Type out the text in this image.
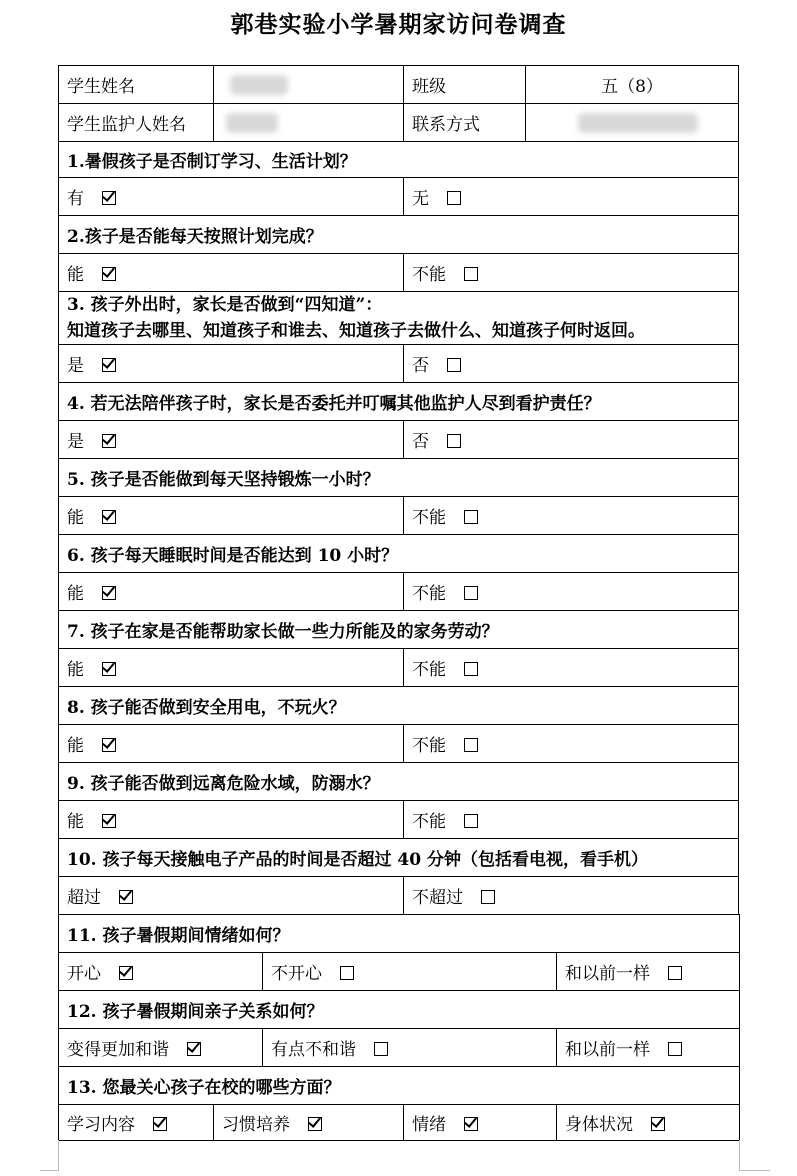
郭巷实验小学暑期家访问卷调查
学生姓名		班级	五（8）
学生监护人姓名		联系方式	
1.暑假孩子是否制订学习、生活计划？			
有		无	
2.孩子是否能每天按照计划完成？			
能		不能	

3. 孩子外出时，家长是否做到“四知道”：
知道孩子去哪里、知道孩子和谁去、知道孩子去做什么、知道孩子何时返回。			

是		否	
4. 若无法陪伴孩子时，家长是否委托并叮嘱其他监护人尽到看护责任？			
是		否	
5. 孩子是否能做到每天坚持锻炼一小时？			
能		不能	
6. 孩子每天睡眠时间是否能达到 10 小时？			
能		不能	
7. 孩子在家是否能帮助家长做一些力所能及的家务劳动？			
能		不能	
8. 孩子能否做到安全用电，不玩火？			
能		不能	
9. 孩子能否做到远离危险水域，防溺水？			
能		不能	
10. 孩子每天接触电子产品的时间是否超过 40 分钟（包括看电视，看手机）			
超过		不超过	
11. 孩子暑假期间情绪如何？				
开心		不开心		和以前一样
12. 孩子暑假期间亲子关系如何？				
变得更加和谐		有点不和谐		和以前一样
13. 您最关心孩子在校的哪些方面？				
学习内容	习惯培养		情绪	身体状况
